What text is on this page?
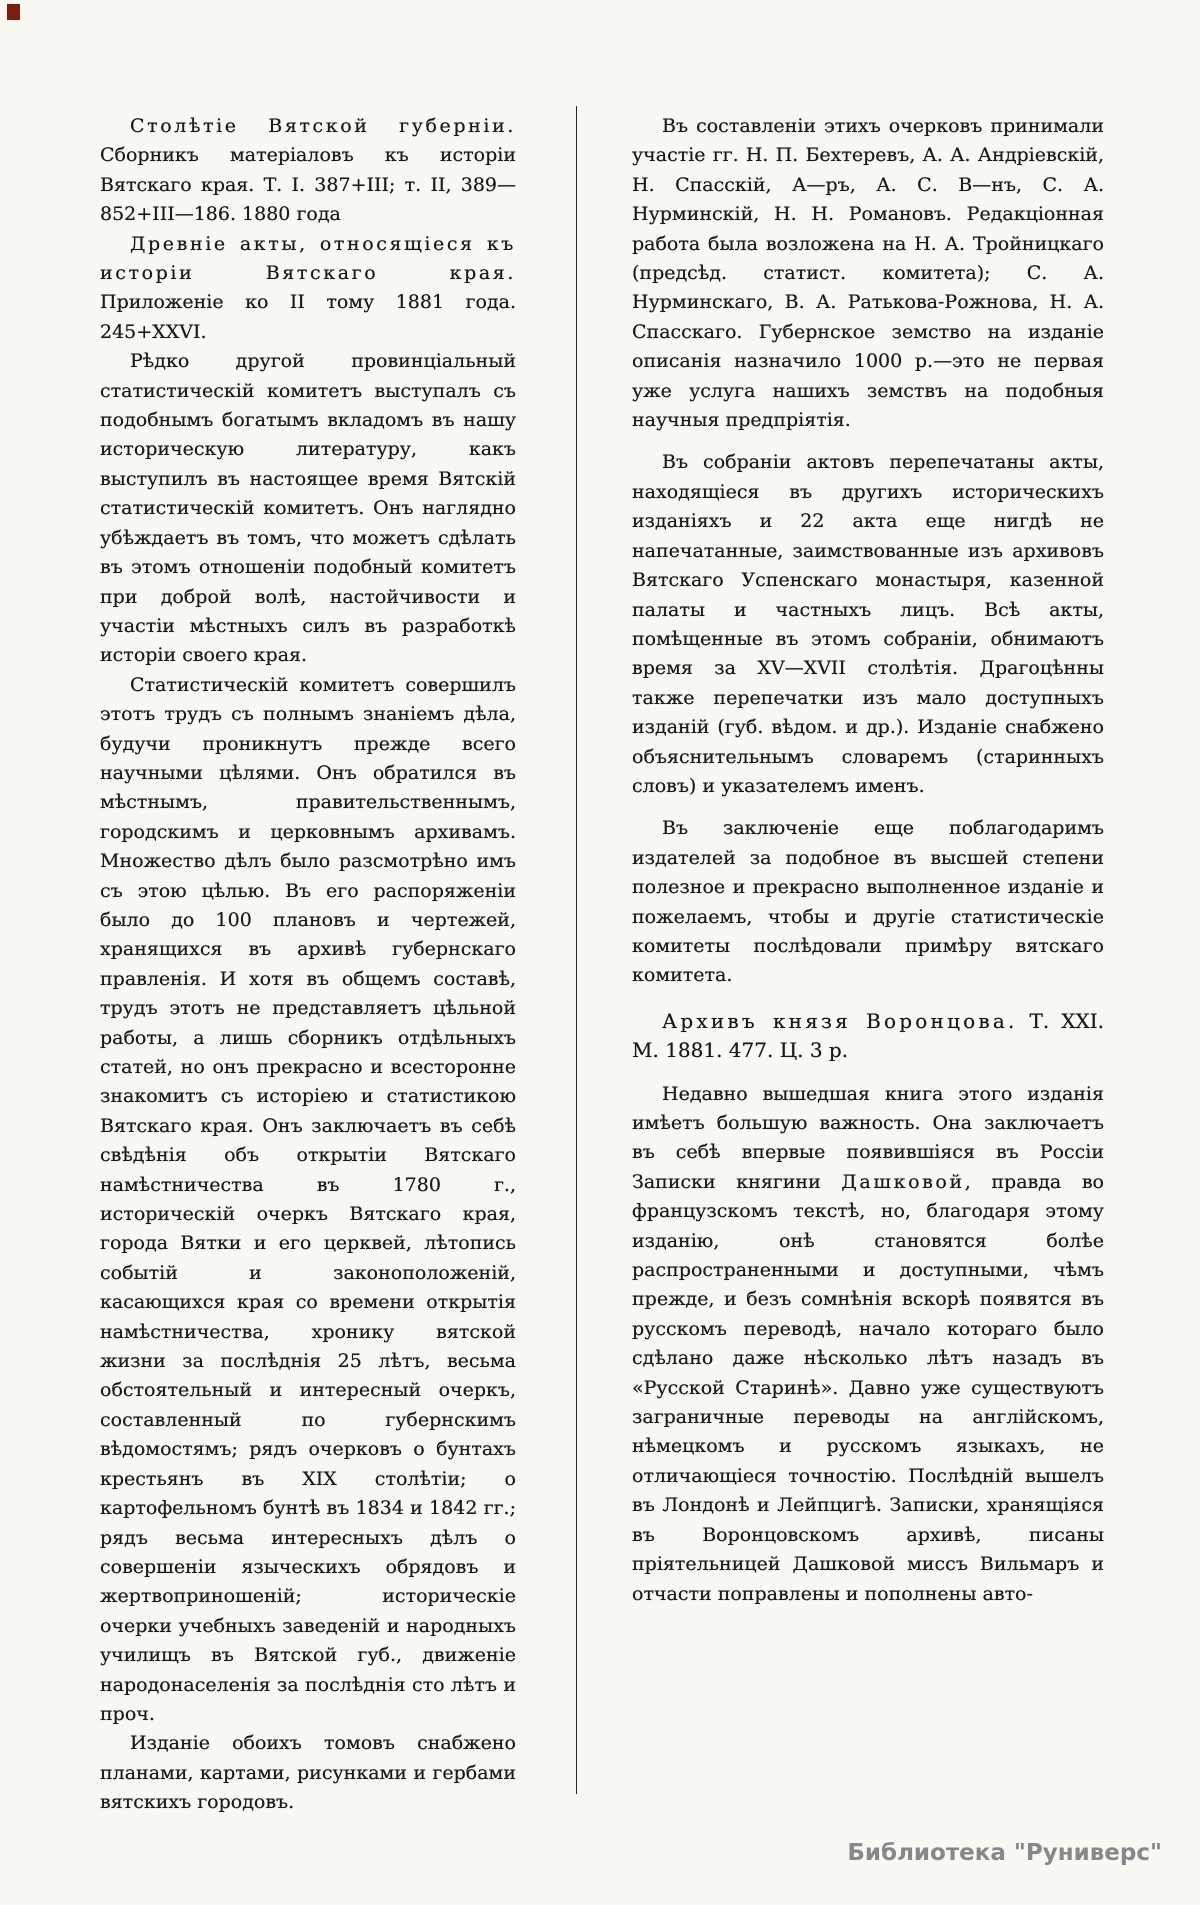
Столѣтіе Вятской губерніи. Сборникъ матеріаловъ къ исторіи Вятскаго края. Т. I. 387+III; т. II, 389—852+III—186. 1880 года

Древніе акты, относящіеся къ исторіи Вятскаго края. Приложеніе ко II тому 1881 года. 245+XXVI.

Рѣдко другой провинціальный статистическій комитетъ выступалъ съ подобнымъ богатымъ вкладомъ въ нашу историческую литературу, какъ выступилъ въ настоящее время Вятскій статистическій комитетъ. Онъ наглядно убѣждаетъ въ томъ, что можетъ сдѣлать въ этомъ отношеніи подобный комитетъ при доброй волѣ, настойчивости и участіи мѣстныхъ силъ въ разработкѣ исторіи своего края.

Статистическій комитетъ совершилъ этотъ трудъ съ полнымъ знаніемъ дѣла, будучи проникнутъ прежде всего научными цѣлями. Онъ обратился въ мѣстнымъ, правительственнымъ, городскимъ и церковнымъ архивамъ. Множество дѣлъ было разсмотрѣно имъ съ этою цѣлью. Въ его распоряженіи было до 100 плановъ и чертежей, хранящихся въ архивѣ губернскаго правленія. И хотя въ общемъ составѣ, трудъ этотъ не представляетъ цѣльной работы, а лишь сборникъ отдѣльныхъ статей, но онъ прекрасно и всесторонне знакомитъ съ исторіею и статистикою Вятскаго края. Онъ заключаетъ въ себѣ свѣдѣнія объ открытіи Вятскаго намѣстничества въ 1780 г., историческій очеркъ Вятскаго края, города Вятки и его церквей, лѣтопись событій и законоположеній, касающихся края со времени открытія намѣстничества, хронику вятской жизни за послѣднія 25 лѣтъ, весьма обстоятельный и интересный очеркъ, составленный по губернскимъ вѣдомостямъ; рядъ очерковъ о бунтахъ крестьянъ въ XIX столѣтіи; о картофельномъ бунтѣ въ 1834 и 1842 гг.; рядъ весьма интересныхъ дѣлъ о совершеніи языческихъ обрядовъ и жертвоприношеній; историческіе очерки учебныхъ заведеній и народныхъ училищъ въ Вятской губ., движеніе народонаселенія за послѣднія сто лѣтъ и проч.

Изданіе обоихъ томовъ снабжено планами, картами, рисунками и гербами вятскихъ городовъ.

Въ составленіи этихъ очерковъ принимали участіе гг. Н. П. Бехтеревъ, А. А. Андріевскій, Н. Спасскій, А—ръ, А. С. В—нъ, С. А. Нурминскій, Н. Н. Романовъ. Редакціонная работа была возложена на Н. А. Тройницкаго (предсѣд. статист. комитета); С. А. Нурминскаго, В. А. Ратькова-Рожнова, Н. А. Спасскаго. Губернское земство на изданіе описанія назначило 1000 р.—это не первая уже услуга нашихъ земствъ на подобныя научныя предпріятія.

Въ собраніи актовъ перепечатаны акты, находящіеся въ другихъ историческихъ изданіяхъ и 22 акта еще нигдѣ не напечатанные, заимствованные изъ архивовъ Вятскаго Успенскаго монастыря, казенной палаты и частныхъ лицъ. Всѣ акты, помѣщенные въ этомъ собраніи, обнимаютъ время за XV—XVII столѣтія. Драгоцѣнны также перепечатки изъ мало доступныхъ изданій (губ. вѣдом. и др.). Изданіе снабжено объяснительнымъ словаремъ (старинныхъ словъ) и указателемъ именъ.

Въ заключеніе еще поблагодаримъ издателей за подобное въ высшей степени полезное и прекрасно выполненное изданіе и пожелаемъ, чтобы и другіе статистическіе комитеты послѣдовали примѣру вятскаго комитета.

Архивъ князя Воронцова. Т. XXI. М. 1881. 477. Ц. 3 р.

Недавно вышедшая книга этого изданія имѣетъ большую важность. Она заключаетъ въ себѣ впервые появившіяся въ Россіи Записки княгини Дашковой, правда во французскомъ текстѣ, но, благодаря этому изданію, онѣ становятся болѣе распространенными и доступными, чѣмъ прежде, и безъ сомнѣнія вскорѣ появятся въ русскомъ переводѣ, начало котораго было сдѣлано даже нѣсколько лѣтъ назадъ въ «Русской Старинѣ». Давно уже существуютъ заграничные переводы на англійскомъ, нѣмецкомъ и русскомъ языкахъ, не отличающіеся точностію. Послѣдній вышелъ въ Лондонѣ и Лейпцигѣ. Записки, хранящіяся въ Воронцовскомъ архивѣ, писаны пріятельницей Дашковой миссъ Вильмаръ и отчасти поправлены и пополнены авто-

Библиотека "Руниверс"
